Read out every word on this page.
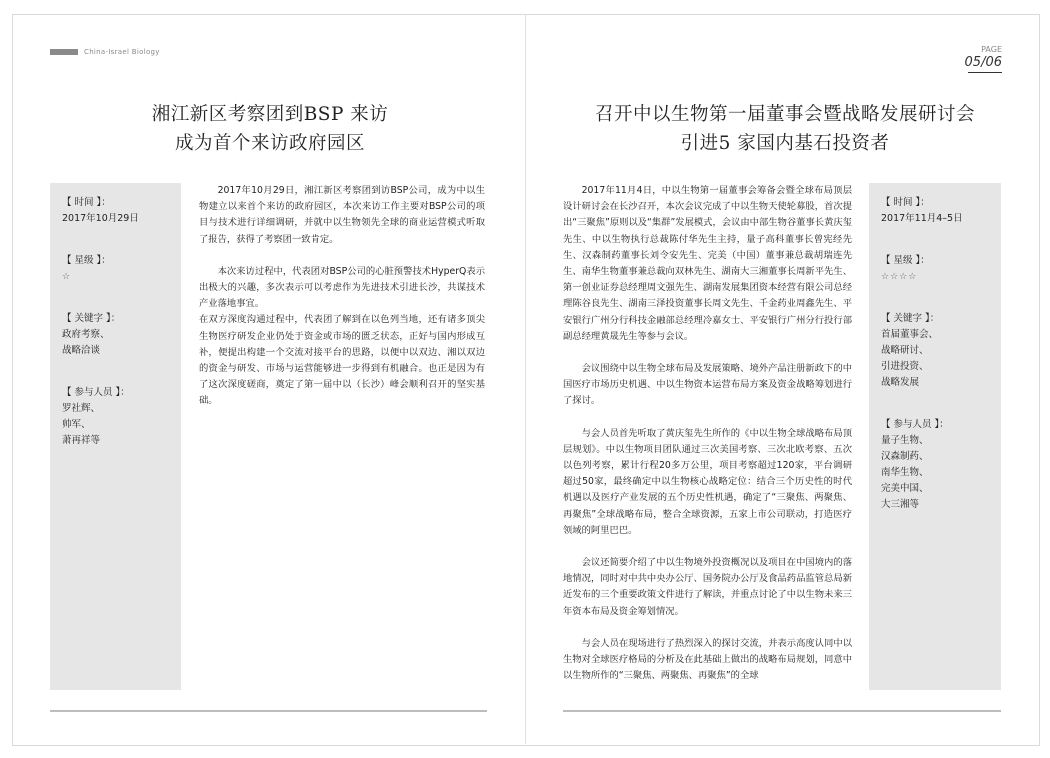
China-Israel Biology	PAGE
05/06
湘江新区考察团到BSP 来访
成为首个来访政府园区
召开中以生物第一届董事会暨战略发展研讨会
引进5 家国内基石投资者
【 时间 】：
2017年10月29日
【 星级 】：
☆
【 关键字 】：
政府考察、
战略洽谈
【 参与人员 】：
罗社辉、
帅军、
萧再祥等

2017年10月29日，湘江新区考察团到访BSP公司，成为中以生物建立以来首个来访的政府园区，本次来访工作主要对BSP公司的项目与技术进行详细调研，并就中以生物领先全球的商业运营模式听取了报告，获得了考察团一致肯定。

本次来访过程中，代表团对BSP公司的心脏预警技术HyperQ表示出极大的兴趣，多次表示可以考虑作为先进技术引进长沙，共谋技术产业落地事宜。

在双方深度沟通过程中，代表团了解到在以色列当地，还有诸多顶尖生物医疗研发企业仍处于资金或市场的匮乏状态，正好与国内形成互补，便提出构建一个交流对接平台的思路，以便中以双边、湘以双边的资金与研发、市场与运营能够进一步得到有机融合。也正是因为有了这次深度磋商，奠定了第一届中以（长沙）峰会顺利召开的坚实基础。

2017年11月4日，中以生物第一届董事会筹备会暨全球布局顶层设计研讨会在长沙召开，本次会议完成了中以生物天使轮募股，首次提出“三聚焦”原则以及“集群”发展模式，会议由中部生物谷董事长黄庆玺先生、中以生物执行总裁陈付华先生主持，量子高科董事长曾宪经先生、汉森制药董事长刘令安先生、完美（中国）董事兼总裁胡瑞连先生、南华生物董事兼总裁向双林先生、湖南大三湘董事长周新平先生、第一创业证券总经理周文强先生、湖南发展集团资本经营有限公司总经理陈谷良先生、湖南三泽投资董事长周文先生、千金药业周鑫先生、平安银行广州分行科技金融部总经理冷嘉女士、平安银行广州分行投行部副总经理黄晟先生等参与会议。

会议围绕中以生物全球布局及发展策略、境外产品注册新政下的中国医疗市场历史机遇、中以生物资本运营布局方案及资金战略筹划进行了探讨。

与会人员首先听取了黄庆玺先生所作的《中以生物全球战略布局顶层规划》。中以生物项目团队通过三次美国考察、三次北欧考察、五次以色列考察，累计行程20多万公里，项目考察超过120家，平台调研超过50家，最终确定中以生物核心战略定位：结合三个历史性的时代机遇以及医疗产业发展的五个历史性机遇，确定了“三聚焦、两聚焦、再聚焦”全球战略布局，整合全球资源，五家上市公司联动，打造医疗领域的阿里巴巴。

会议还简要介绍了中以生物境外投资概况以及项目在中国境内的落地情况，同时对中共中央办公厅、国务院办公厅及食品药品监管总局新近发布的三个重要政策文件进行了解读，并重点讨论了中以生物未来三年资本布局及资金筹划情况。

与会人员在现场进行了热烈深入的探讨交流，并表示高度认同中以生物对全球医疗格局的分析及在此基础上做出的战略布局规划，同意中以生物所作的“三聚焦、两聚焦、再聚焦”的全球

【 时间 】：
2017年11月4–5日
【 星级 】：
☆☆☆☆
【 关键字 】：
首届董事会、
战略研讨、
引进投资、
战略发展
【 参与人员 】：
量子生物、
汉森制药、
南华生物、
完美中国、
大三湘等
